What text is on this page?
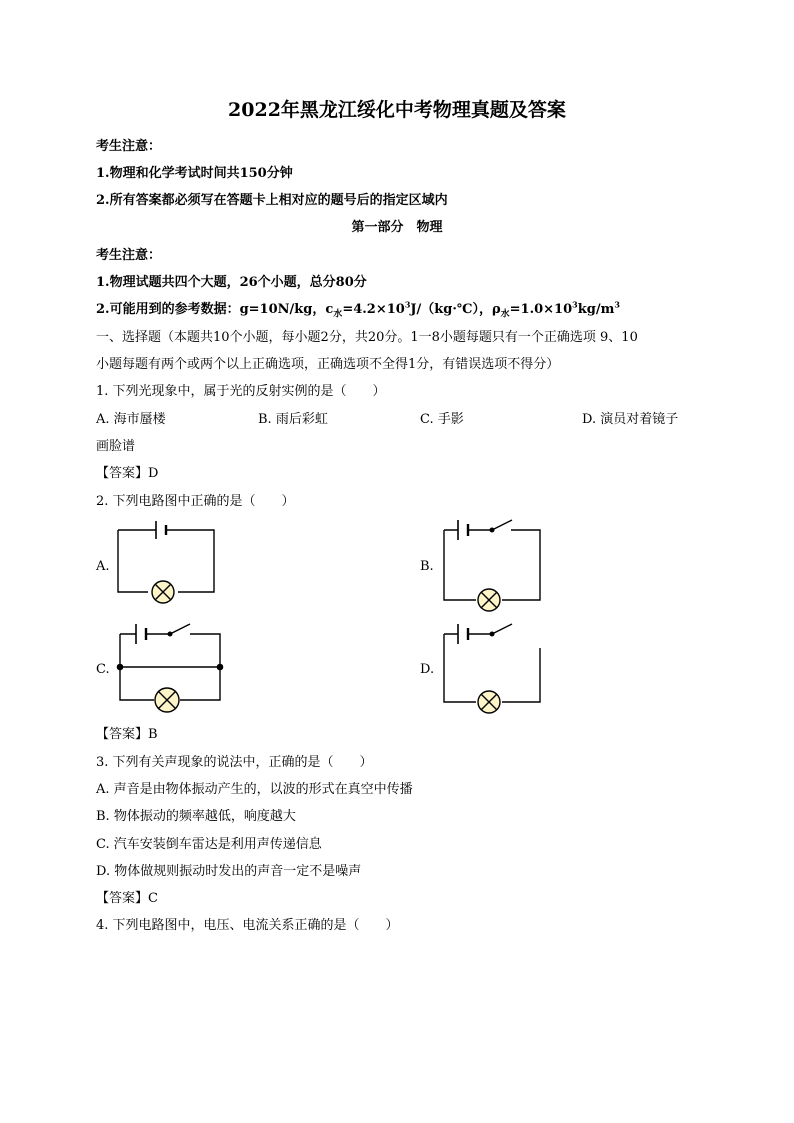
2022年黑龙江绥化中考物理真题及答案
考生注意：
1.物理和化学考试时间共150分钟
2.所有答案都必须写在答题卡上相对应的题号后的指定区域内
第一部分　物理
考生注意：
1.物理试题共四个大题，26个小题，总分80分
2.可能用到的参考数据：g=10N/kg，$c_水=4.2\times 10^3J/(kg\cdot℃)$，$\rho_水=1.0\times 10^3kg/m^3$
一、选择题（本题共10个小题，每小题2分，共20分。1一8小题每题只有一个正确选项 9、10
小题每题有两个或两个以上正确选项，正确选项不全得1分，有错误选项不得分）
1. 下列光现象中，属于光的反射实例的是（　　）
A. 海市蜃楼	B. 雨后彩虹	C. 手影	D. 演员对着镜子
画脸谱
【答案】D
2. 下列电路图中正确的是（　　）
A.	B.
C.	D.
【答案】B
3. 下列有关声现象的说法中，正确的是（　　）
A. 声音是由物体振动产生的，以波的形式在真空中传播
B. 物体振动的频率越低，响度越大
C. 汽车安装倒车雷达是利用声传递信息
D. 物体做规则振动时发出的声音一定不是噪声
【答案】C
4. 下列电路图中，电压、电流关系正确的是（　　）
